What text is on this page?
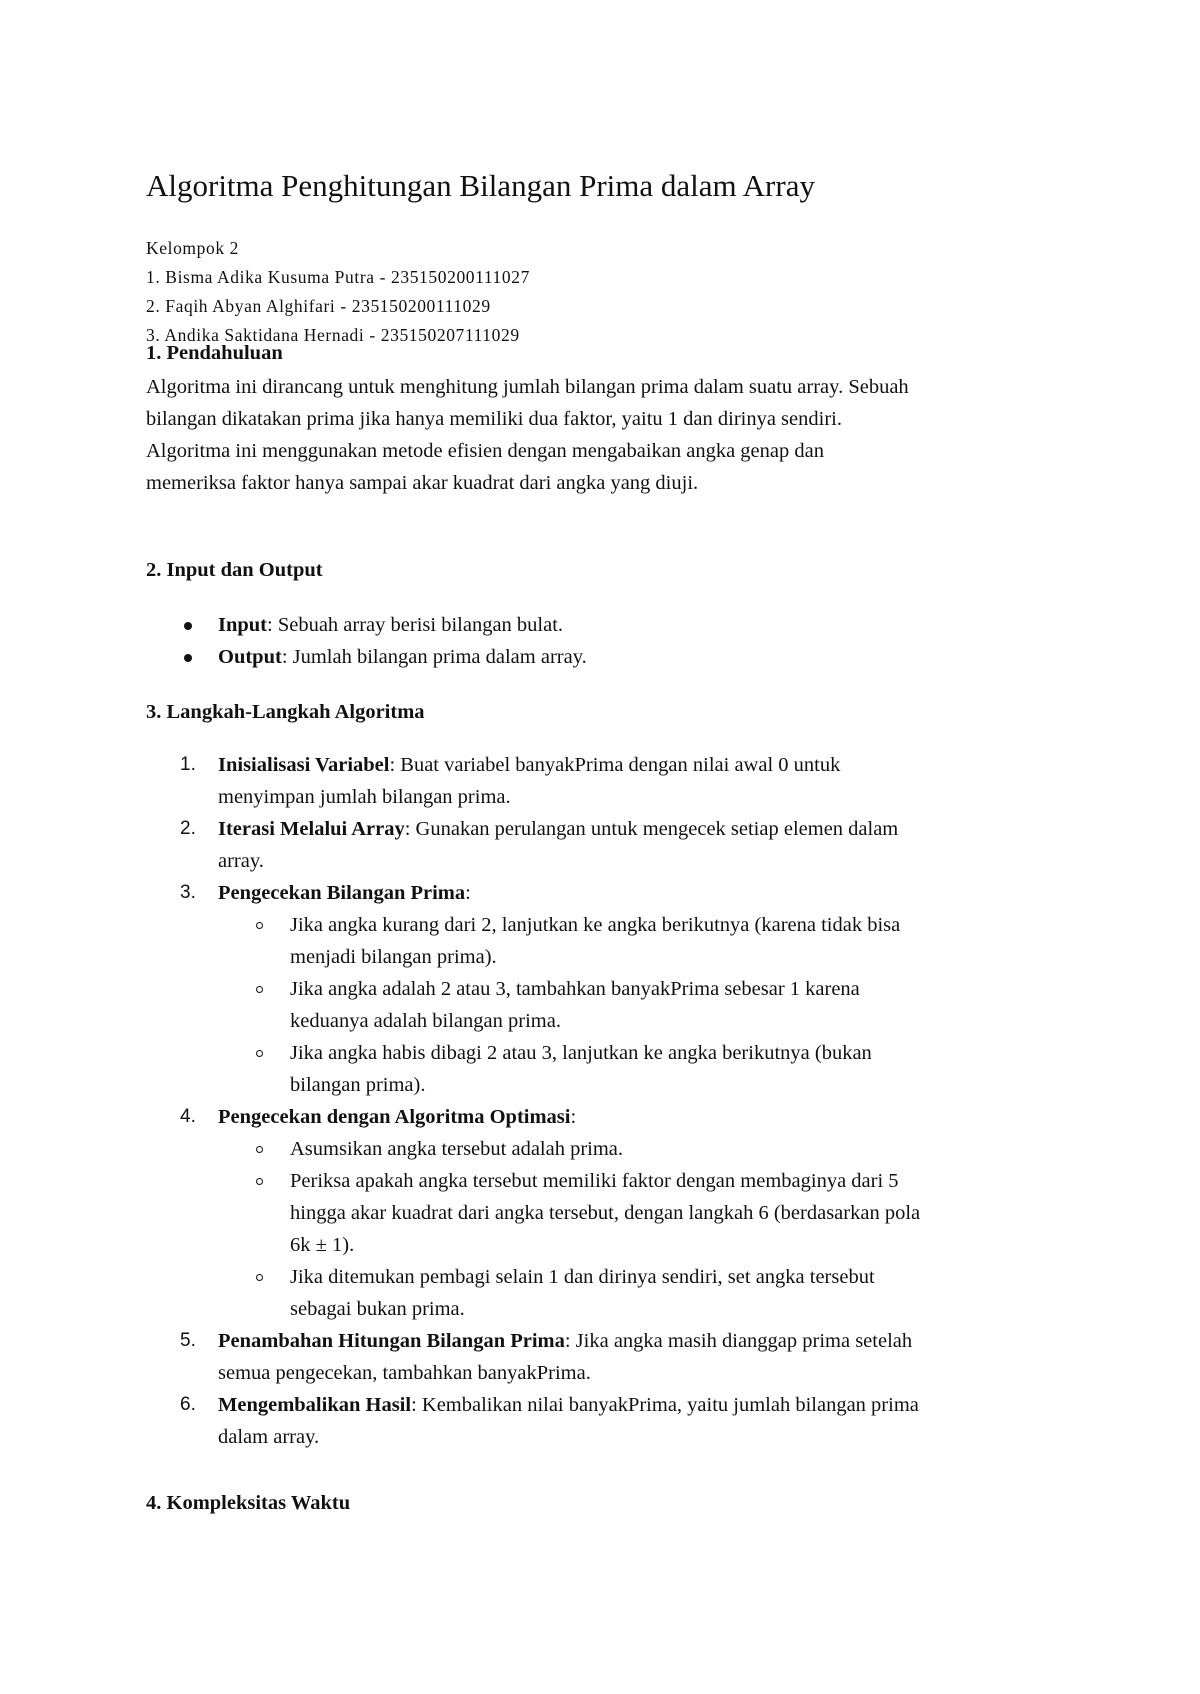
Algoritma Penghitungan Bilangan Prima dalam Array
Kelompok 2
1. Bisma Adika Kusuma Putra - 235150200111027
2. Faqih Abyan Alghifari - 235150200111029
3. Andika Saktidana Hernadi - 235150207111029
1. Pendahuluan
Algoritma ini dirancang untuk menghitung jumlah bilangan prima dalam suatu array. Sebuah
bilangan dikatakan prima jika hanya memiliki dua faktor, yaitu 1 dan dirinya sendiri.
Algoritma ini menggunakan metode efisien dengan mengabaikan angka genap dan
memeriksa faktor hanya sampai akar kuadrat dari angka yang diuji.
2. Input dan Output
Input: Sebuah array berisi bilangan bulat.
Output: Jumlah bilangan prima dalam array.
3. Langkah-Langkah Algoritma
1. Inisialisasi Variabel: Buat variabel banyakPrima dengan nilai awal 0 untuk
menyimpan jumlah bilangan prima.
2. Iterasi Melalui Array: Gunakan perulangan untuk mengecek setiap elemen dalam
array.
3. Pengecekan Bilangan Prima:
Jika angka kurang dari 2, lanjutkan ke angka berikutnya (karena tidak bisa
menjadi bilangan prima).
Jika angka adalah 2 atau 3, tambahkan banyakPrima sebesar 1 karena
keduanya adalah bilangan prima.
Jika angka habis dibagi 2 atau 3, lanjutkan ke angka berikutnya (bukan
bilangan prima).
4. Pengecekan dengan Algoritma Optimasi:
Asumsikan angka tersebut adalah prima.
Periksa apakah angka tersebut memiliki faktor dengan membaginya dari 5
hingga akar kuadrat dari angka tersebut, dengan langkah 6 (berdasarkan pola
6k ± 1).
Jika ditemukan pembagi selain 1 dan dirinya sendiri, set angka tersebut
sebagai bukan prima.
5. Penambahan Hitungan Bilangan Prima: Jika angka masih dianggap prima setelah
semua pengecekan, tambahkan banyakPrima.
6. Mengembalikan Hasil: Kembalikan nilai banyakPrima, yaitu jumlah bilangan prima
dalam array.
4. Kompleksitas Waktu
